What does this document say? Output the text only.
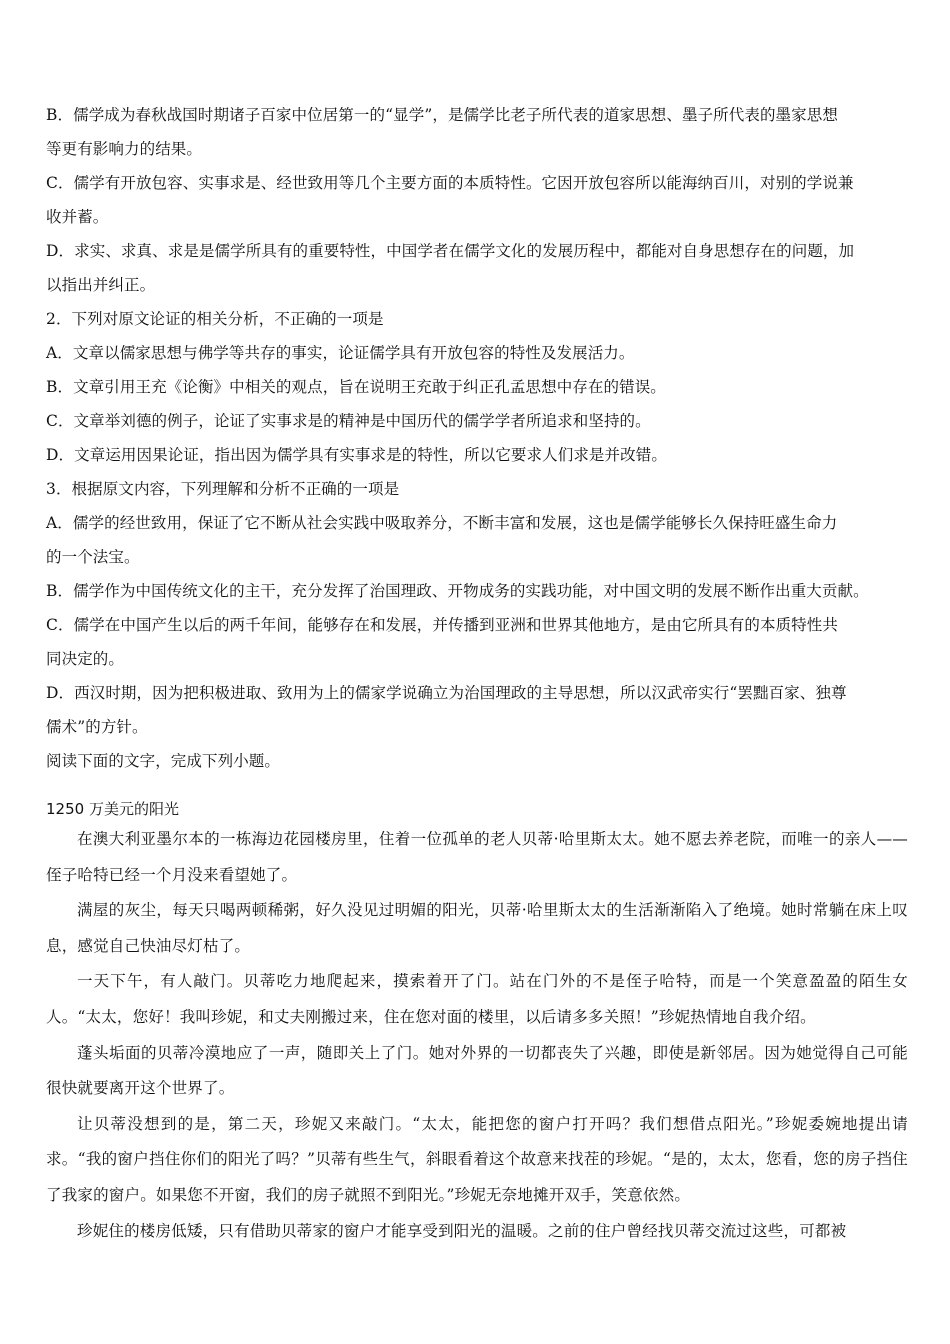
B．儒学成为春秋战国时期诸子百家中位居第一的“显学”，是儒学比老子所代表的道家思想、墨子所代表的墨家思想

等更有影响力的结果。

C．儒学有开放包容、实事求是、经世致用等几个主要方面的本质特性。它因开放包容所以能海纳百川，对别的学说兼

收并蓄。

D．求实、求真、求是是儒学所具有的重要特性，中国学者在儒学文化的发展历程中，都能对自身思想存在的问题，加

以指出并纠正。

2．下列对原文论证的相关分析，不正确的一项是

A．文章以儒家思想与佛学等共存的事实，论证儒学具有开放包容的特性及发展活力。

B．文章引用王充《论衡》中相关的观点，旨在说明王充敢于纠正孔孟思想中存在的错误。

C．文章举刘德的例子，论证了实事求是的精神是中国历代的儒学学者所追求和坚持的。

D．文章运用因果论证，指出因为儒学具有实事求是的特性，所以它要求人们求是并改错。

3．根据原文内容，下列理解和分析不正确的一项是

A．儒学的经世致用，保证了它不断从社会实践中吸取养分，不断丰富和发展，这也是儒学能够长久保持旺盛生命力

的一个法宝。

B．儒学作为中国传统文化的主干，充分发挥了治国理政、开物成务的实践功能，对中国文明的发展不断作出重大贡献。

C．儒学在中国产生以后的两千年间，能够存在和发展，并传播到亚洲和世界其他地方，是由它所具有的本质特性共

同决定的。

D．西汉时期，因为把积极进取、致用为上的儒家学说确立为治国理政的主导思想，所以汉武帝实行“罢黜百家、独尊

儒术”的方针。

阅读下面的文字，完成下列小题。

1250 万美元的阳光

在澳大利亚墨尔本的一栋海边花园楼房里，住着一位孤单的老人贝蒂·哈里斯太太。她不愿去养老院，而唯一的亲人——侄子哈特已经一个月没来看望她了。

满屋的灰尘，每天只喝两顿稀粥，好久没见过明媚的阳光，贝蒂·哈里斯太太的生活渐渐陷入了绝境。她时常躺在床上叹息，感觉自己快油尽灯枯了。

一天下午，有人敲门。贝蒂吃力地爬起来，摸索着开了门。站在门外的不是侄子哈特，而是一个笑意盈盈的陌生女人。“太太，您好！我叫珍妮，和丈夫刚搬过来，住在您对面的楼里，以后请多多关照！”珍妮热情地自我介绍。

蓬头垢面的贝蒂冷漠地应了一声，随即关上了门。她对外界的一切都丧失了兴趣，即使是新邻居。因为她觉得自己可能很快就要离开这个世界了。

让贝蒂没想到的是，第二天，珍妮又来敲门。“太太，能把您的窗户打开吗？我们想借点阳光。”珍妮委婉地提出请求。“我的窗户挡住你们的阳光了吗？”贝蒂有些生气，斜眼看着这个故意来找茬的珍妮。“是的，太太，您看，您的房子挡住了我家的窗户。如果您不开窗，我们的房子就照不到阳光。”珍妮无奈地摊开双手，笑意依然。

珍妮住的楼房低矮，只有借助贝蒂家的窗户才能享受到阳光的温暖。之前的住户曾经找贝蒂交流过这些，可都被
